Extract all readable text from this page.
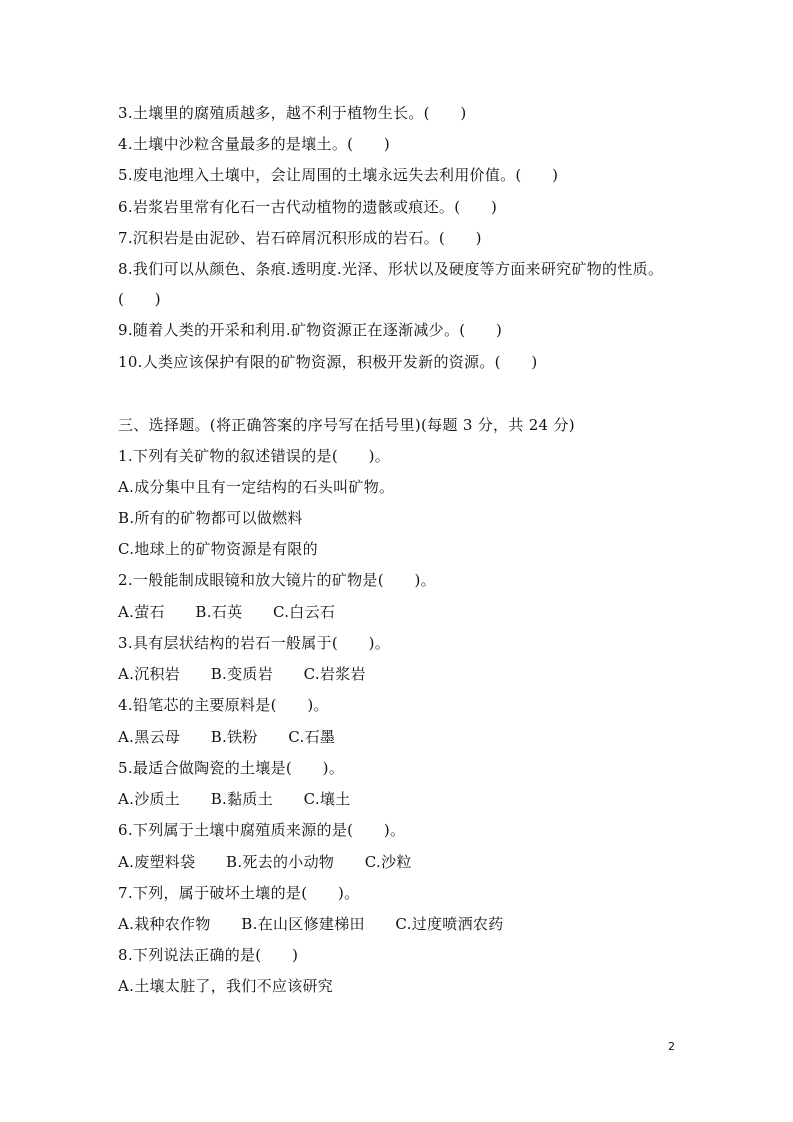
3.土壤里的腐殖质越多，越不利于植物生长。(　　)
4.土壤中沙粒含量最多的是壤土。(　　)
5.废电池埋入土壤中，会让周围的土壤永远失去利用价值。(　　)
6.岩浆岩里常有化石一古代动植物的遗骸或痕还。(　　)
7.沉积岩是由泥砂、岩石碎屑沉积形成的岩石。(　　)
8.我们可以从颜色、条痕.透明度.光泽、形状以及硬度等方面来研究矿物的性质。
(　　)
9.随着人类的开采和利用.矿物资源正在逐渐减少。(　　)
10.人类应该保护有限的矿物资源，积极开发新的资源。(　　)
三、选择题。(将正确答案的序号写在括号里)(每题 3 分，共 24 分)
1.下列有关矿物的叙述错误的是(　　)。
A.成分集中且有一定结构的石头叫矿物。
B.所有的矿物都可以做燃料
C.地球上的矿物资源是有限的
2.一般能制成眼镜和放大镜片的矿物是(　　)。
A.萤石　　B.石英　　C.白云石
3.具有层状结构的岩石一般属于(　　)。
A.沉积岩　　B.变质岩　　C.岩浆岩
4.铅笔芯的主要原料是(　　)。
A.黑云母　　B.铁粉　　C.石墨
5.最适合做陶瓷的土壤是(　　)。
A.沙质土　　B.黏质土　　C.壤土
6.下列属于土壤中腐殖质来源的是(　　)。
A.废塑料袋　　B.死去的小动物　　C.沙粒
7.下列，属于破坏土壤的是(　　)。
A.栽种农作物　　B.在山区修建梯田　　C.过度喷洒农药
8.下列说法正确的是(　　)
A.土壤太脏了，我们不应该研究
2
